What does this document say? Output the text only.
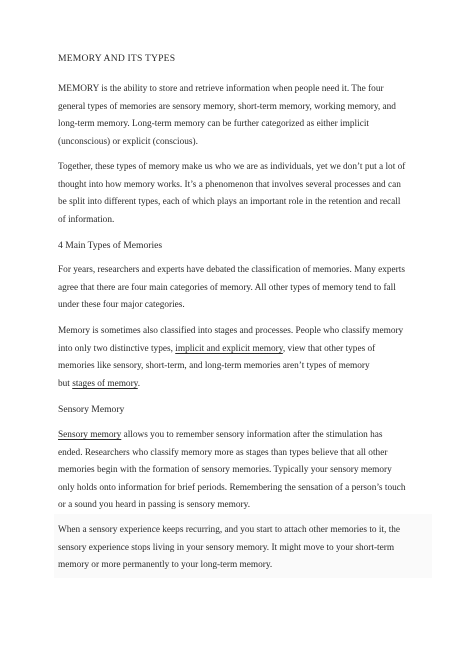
MEMORY AND ITS TYPES
MEMORY is the ability to store and retrieve information when people need it. The four
general types of memories are sensory memory, short-term memory, working memory, and
long-term memory. Long-term memory can be further categorized as either implicit
(unconscious) or explicit (conscious).
Together, these types of memory make us who we are as individuals, yet we don’t put a lot of
thought into how memory works. It’s a phenomenon that involves several processes and can
be split into different types, each of which plays an important role in the retention and recall
of information.
4 Main Types of Memories
For years, researchers and experts have debated the classification of memories. Many experts
agree that there are four main categories of memory. All other types of memory tend to fall
under these four major categories.
Memory is sometimes also classified into stages and processes. People who classify memory
into only two distinctive types, implicit and explicit memory, view that other types of
memories like sensory, short-term, and long-term memories aren’t types of memory
but stages of memory.
Sensory Memory
Sensory memory allows you to remember sensory information after the stimulation has
ended. Researchers who classify memory more as stages than types believe that all other
memories begin with the formation of sensory memories. Typically your sensory memory
only holds onto information for brief periods. Remembering the sensation of a person’s touch
or a sound you heard in passing is sensory memory.
When a sensory experience keeps recurring, and you start to attach other memories to it, the
sensory experience stops living in your sensory memory. It might move to your short-term
memory or more permanently to your long-term memory.
